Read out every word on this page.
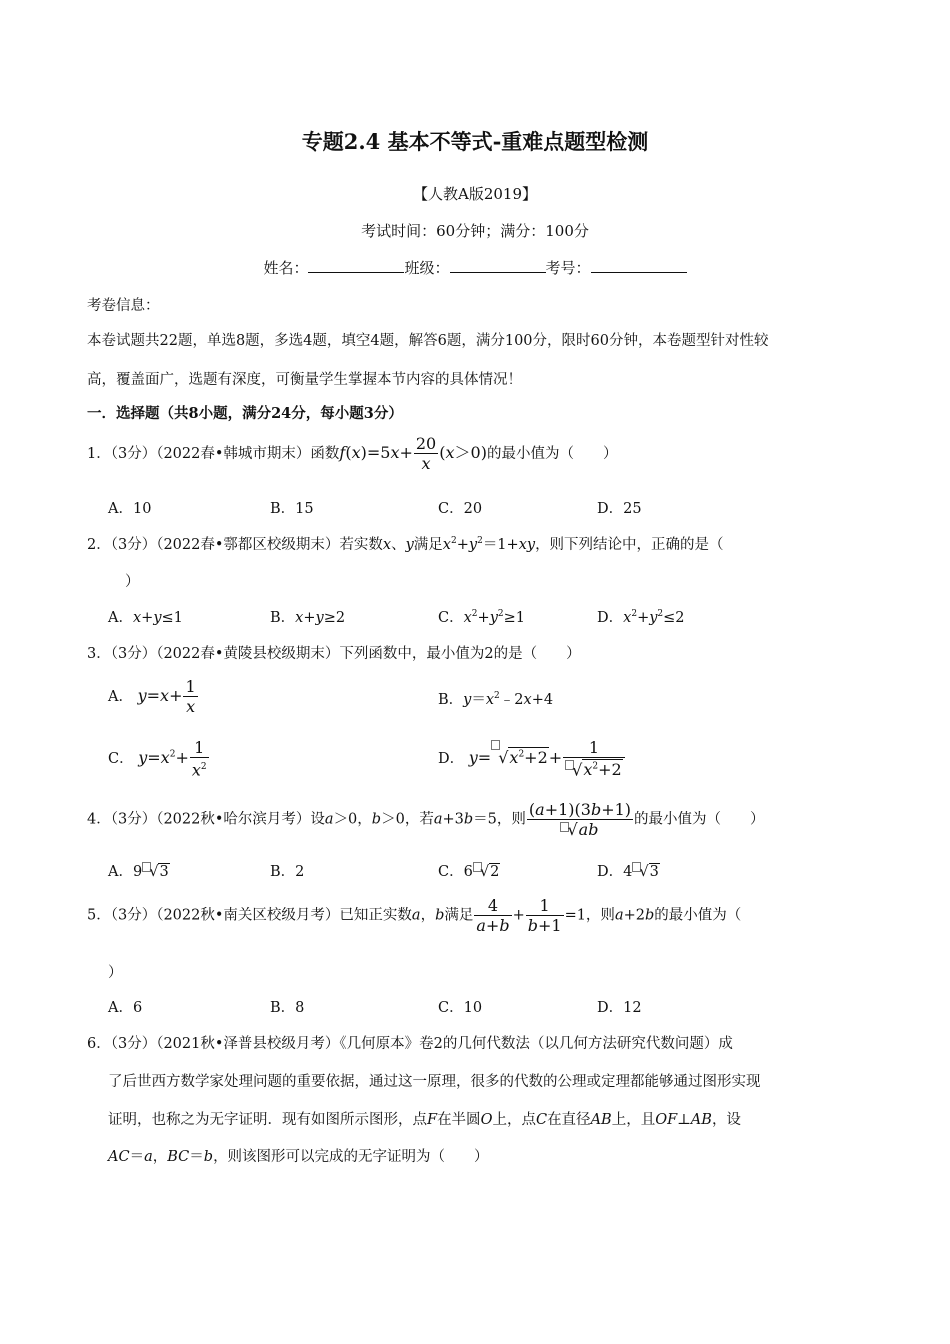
专题2.4 基本不等式-重难点题型检测
【人教A版2019】
考试时间：60分钟；满分：100分
姓名：	班级：	考号：
考卷信息：
本卷试题共22题，单选8题，多选4题，填空4题，解答6题，满分100分，限时60分钟，本卷题型针对性较
高，覆盖面广，选题有深度，可衡量学生掌握本节内容的具体情况！
一．选择题（共8小题，满分24分，每小题3分）
1．（3分）（2022春•韩城市期末）函数$f(x)=5x+ \frac{20}{x} (x>0)$的最小值为（　　）
A．10	B．15	C．20	D．25
2．（3分）（2022春•鄠都区校级期末）若实数x、y满足$x^2+y^2=1+xy$，则下列结论中，正确的是（
）
A．x+y≤1	B．x+y≥2	C．$x^2+y^2\ge 1$	D．$x^2+y^2\le 2$
3．（3分）（2022春•黄陵县校级期末）下列函数中，最小值为2的是（　　）
A． $y=x+ \frac{1}{x}$	B．$y=x^2﹣2x+4$
C． $y=x^2+ \frac{1}{x^2}$	D． $y= √x^2+2+ \frac{1}{√x^2+2}$
4．（3分）（2022秋•哈尔滨月考）设a＞0，b＞0，若a+3b＝5，则 $\frac{(a+1)(3b+1)}{√ab}$ 的最小值为（　　）
A．9 √3	B．2	C．6 √2	D．4 √3
5．（3分）（2022秋•南关区校级月考）已知正实数a，b满足 $\frac{4}{a+b} + \frac{1}{b+1} =1$，则a+2b的最小值为（
）
A．6	B．8	C．10	D．12
6．（3分）（2021秋•泽普县校级月考）《几何原本》卷2的几何代数法（以几何方法研究代数问题）成
了后世西方数学家处理问题的重要依据，通过这一原理，很多的代数的公理或定理都能够通过图形实现
证明，也称之为无字证明．现有如图所示图形，点F在半圆O上，点C在直径AB上，且OF⊥AB，设
AC＝a，BC＝b，则该图形可以完成的无字证明为（　　）
